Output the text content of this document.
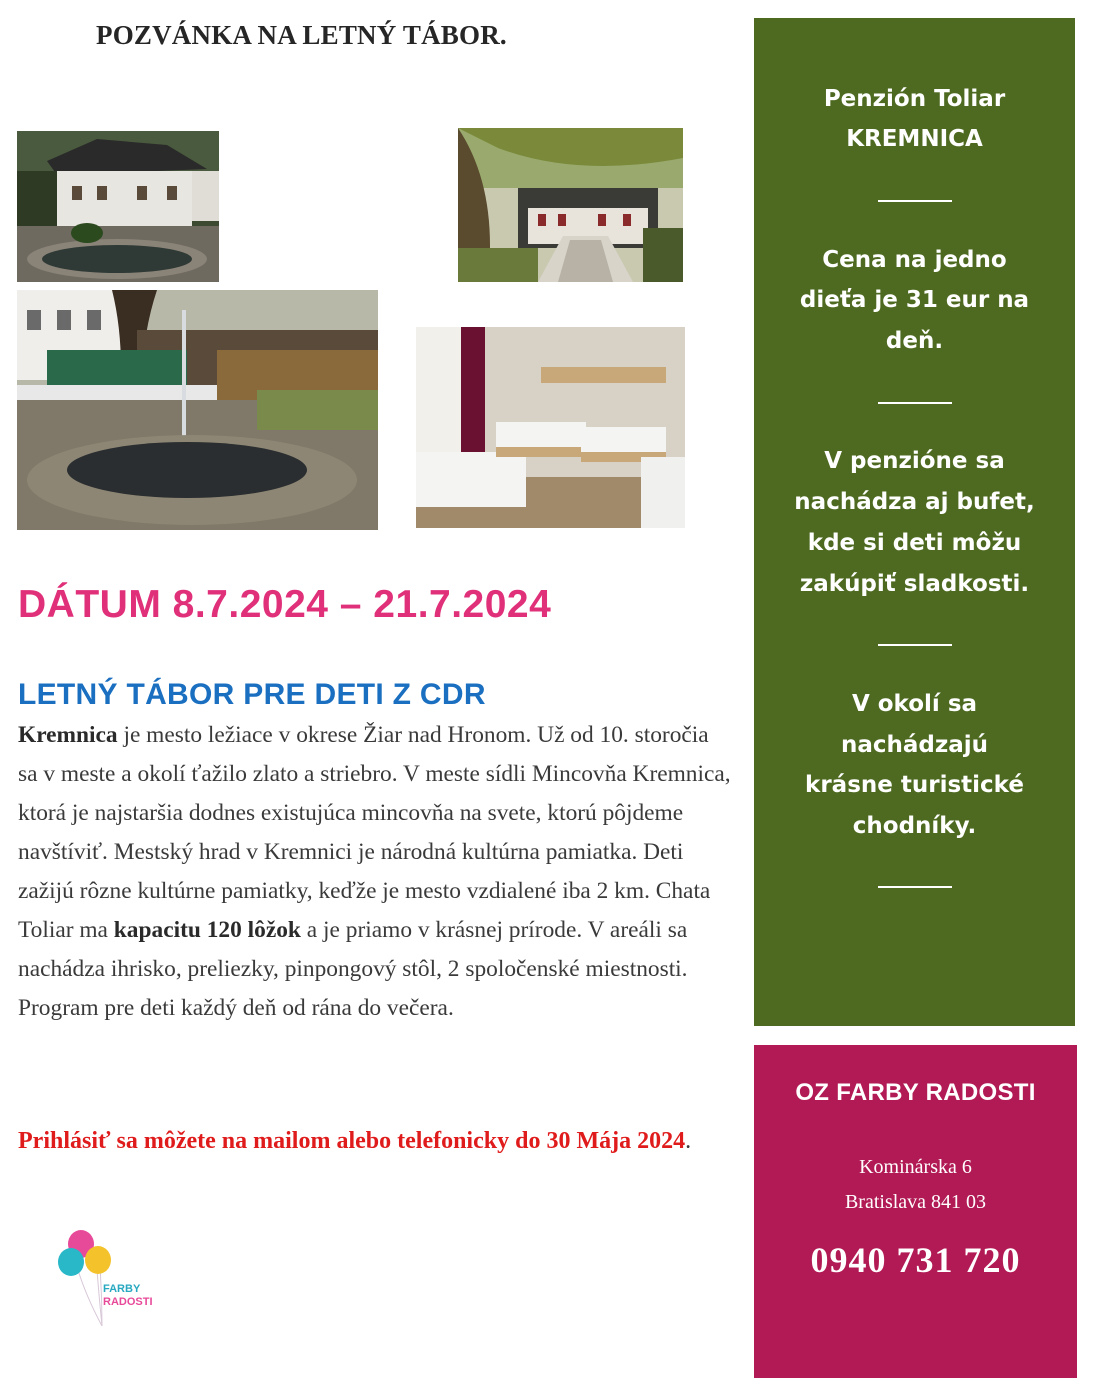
POZVÁNKA NA LETNÝ TÁBOR.
DÁTUM 8.7.2024 – 21.7.2024
LETNÝ TÁBOR PRE DETI Z CDR
Kremnica je mesto ležiace v okrese Žiar nad Hronom. Už od 10. storočia sa v meste a okolí ťažilo zlato a striebro. V meste sídli Mincovňa Kremnica, ktorá je najstaršia dodnes existujúca mincovňa na svete, ktorú pôjdeme navštíviť. Mestský hrad v Kremnici je národná kultúrna pamiatka. Deti zažijú rôzne kultúrne pamiatky, keďže je mesto vzdialené iba 2 km. Chata Toliar ma kapacitu 120 lôžok a je priamo v krásnej prírode. V areáli sa nachádza ihrisko, preliezky, pinpongový stôl, 2 spoločenské miestnosti. Program pre deti každý deň od rána do večera.
Prihlásiť sa môžete na mailom alebo telefonicky do 30 Mája 2024.
FARBY
RADOSTI
Penzión Toliar
KREMNICA
Cena na jedno
dieťa je 31 eur na
deň.
V penzióne sa
nachádza aj bufet,
kde si deti môžu
zakúpiť sladkosti.
V okolí sa
nachádzajú
krásne turistické
chodníky.
OZ FARBY RADOSTI
Kominárska 6
Bratislava 841 03
0940 731 720
